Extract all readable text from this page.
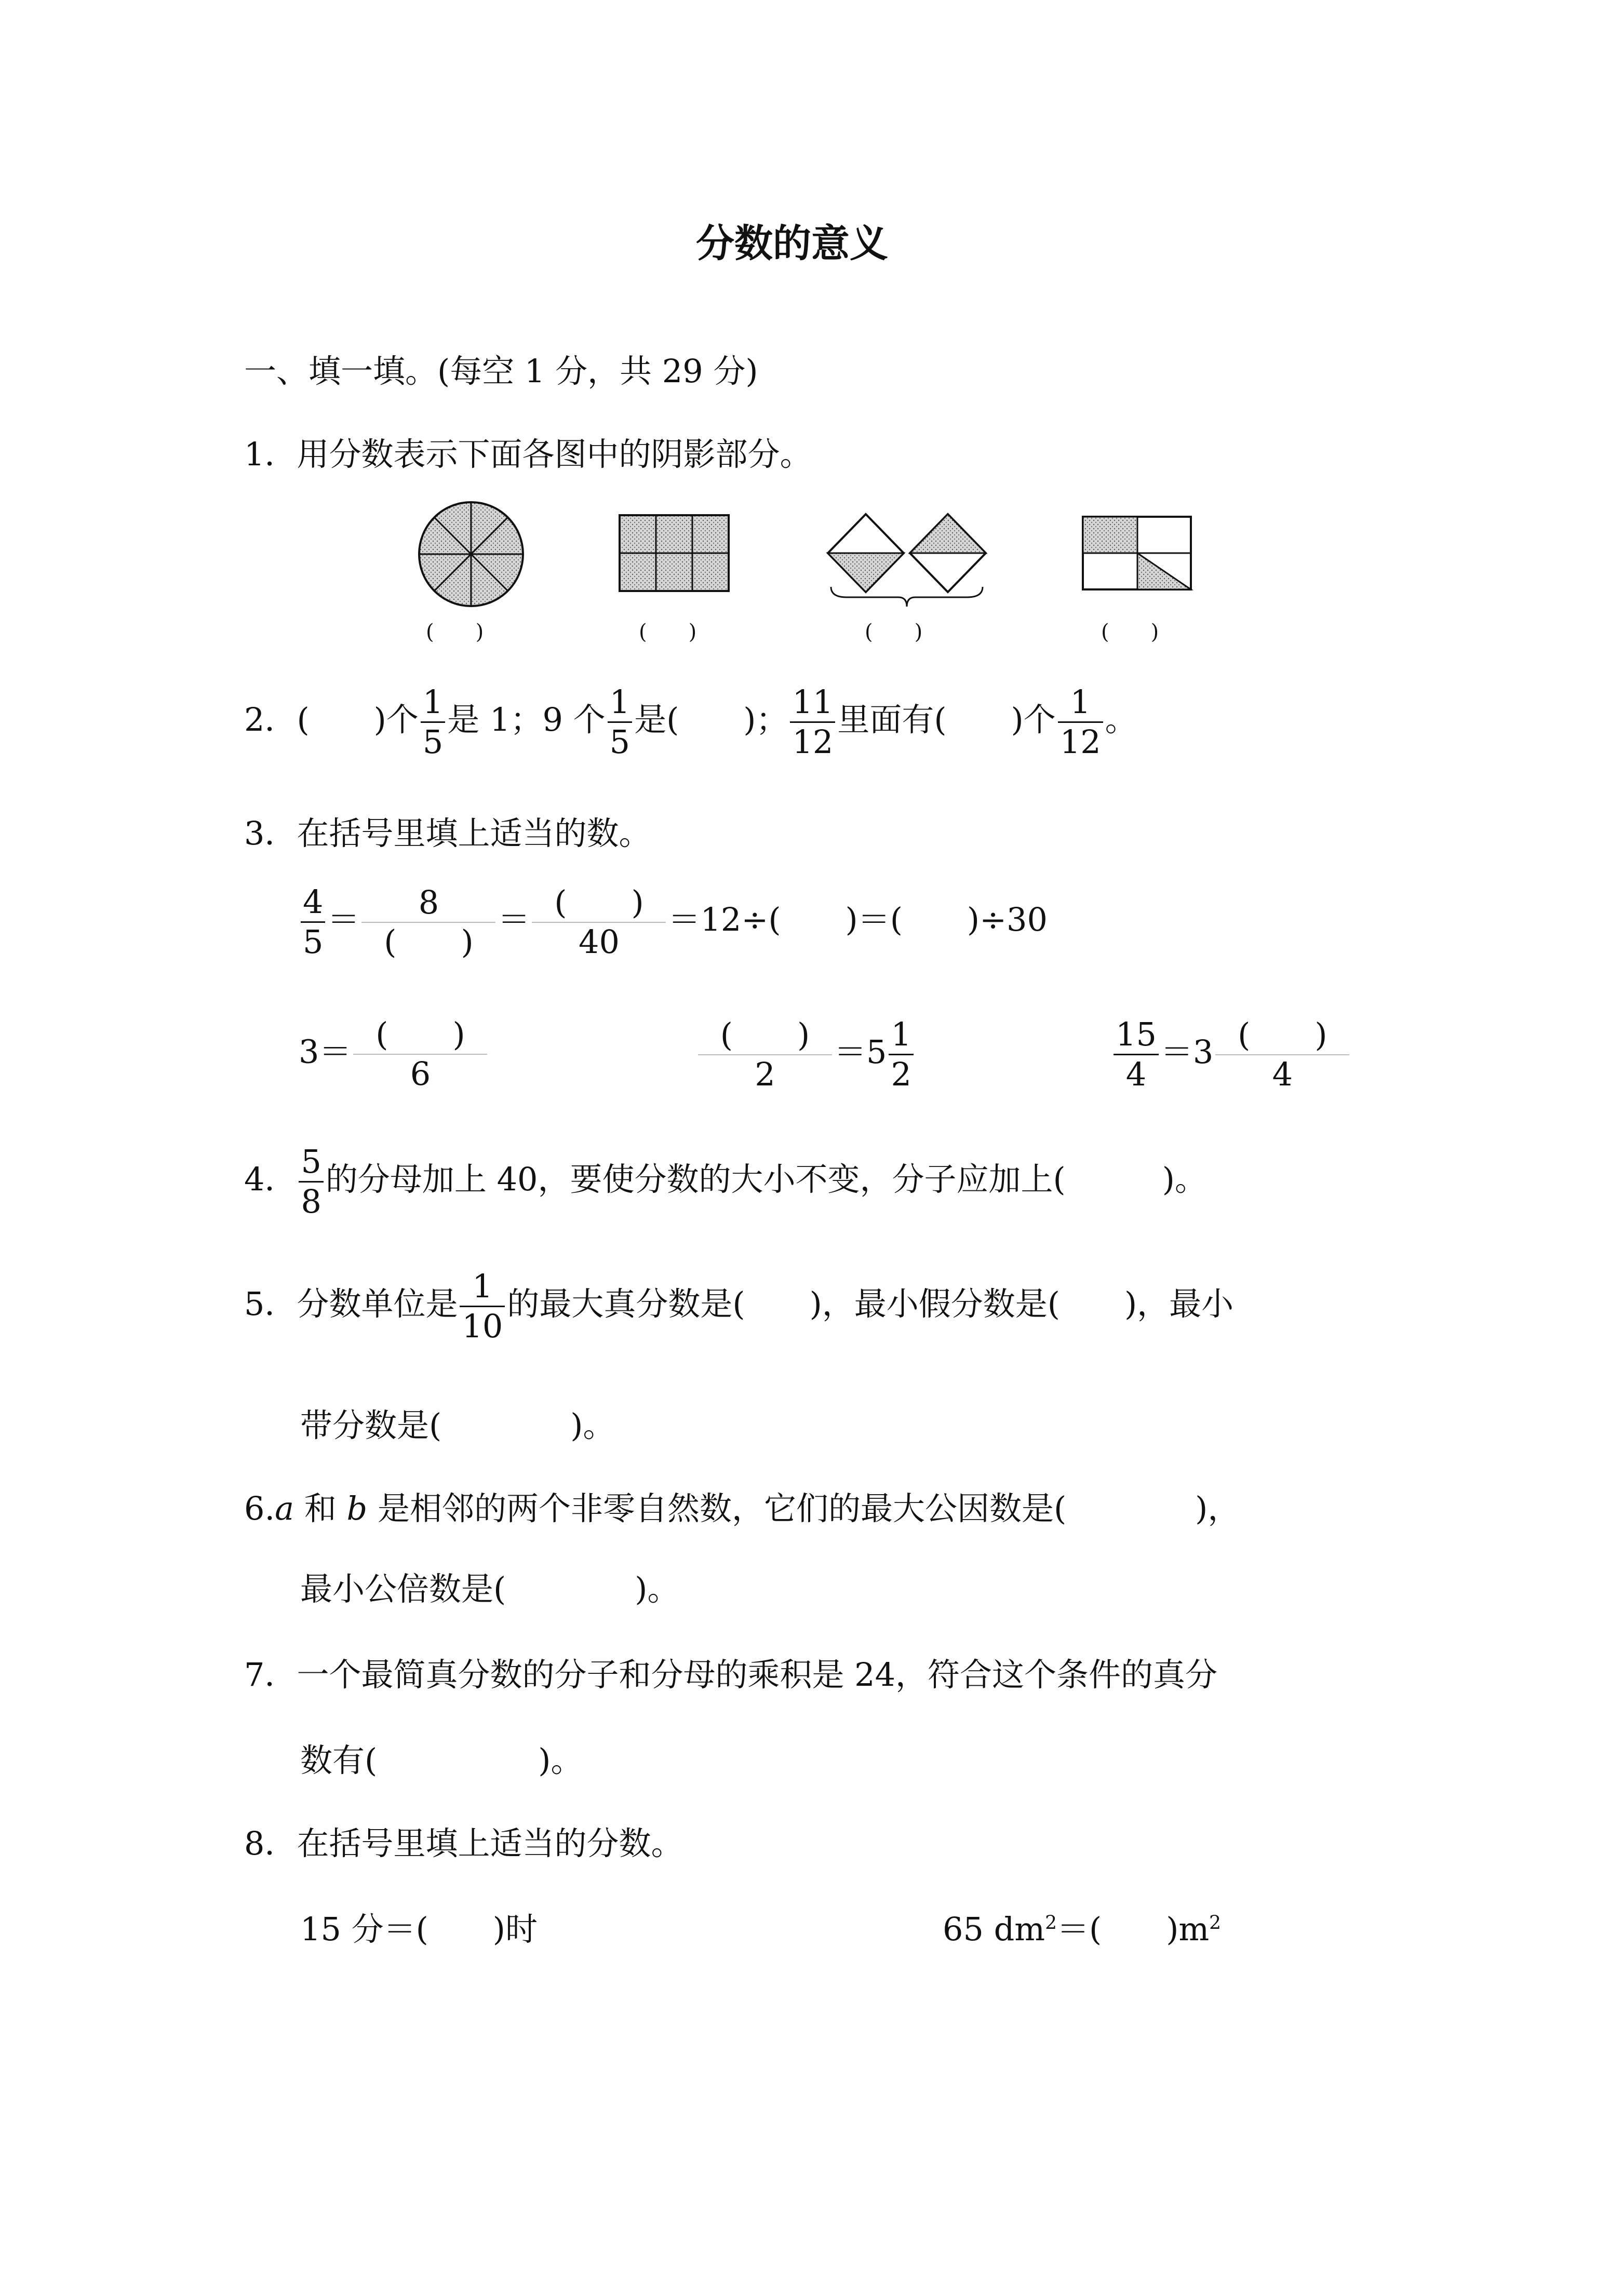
分数的意义
一、填一填。(每空 1 分，共 29 分)
1．用分数表示下面各图中的阴影部分。
(　　)	(　　)	(　　)	(　　)
2．(　　)个 $\frac{1}{5}$ 是 1；9 个 $\frac{1}{5}$ 是(　　)； $\frac{11}{12}$ 里面有(　　)个 $\frac{1}{12}$ 。
3．在括号里填上适当的数。
$\frac{4}{5} = \frac{8}{( )} = \frac{( )}{40} =12\div$(　　)＝(　　)÷30
$3= \frac{( )}{6}$	$\frac{( )}{2} =5 \frac{1}{2}$	$\frac{15}{4} =3 \frac{( )}{4}$
4． $\frac{5}{8}$ 的分母加上 40，要使分数的大小不变，分子应加上(　　　)。
5．分数单位是 $\frac{1}{10}$ 的最大真分数是(　　)，最小假分数是(　　)，最小
带分数是(　　　　)。
6.a 和 b 是相邻的两个非零自然数，它们的最大公因数是(　　　　)，
最小公倍数是(　　　　)。
7．一个最简真分数的分子和分母的乘积是 24，符合这个条件的真分
数有(　　　　　)。
8．在括号里填上适当的分数。
15 分＝(　　)时	65 $dm^2=$(　　)$m^2$
